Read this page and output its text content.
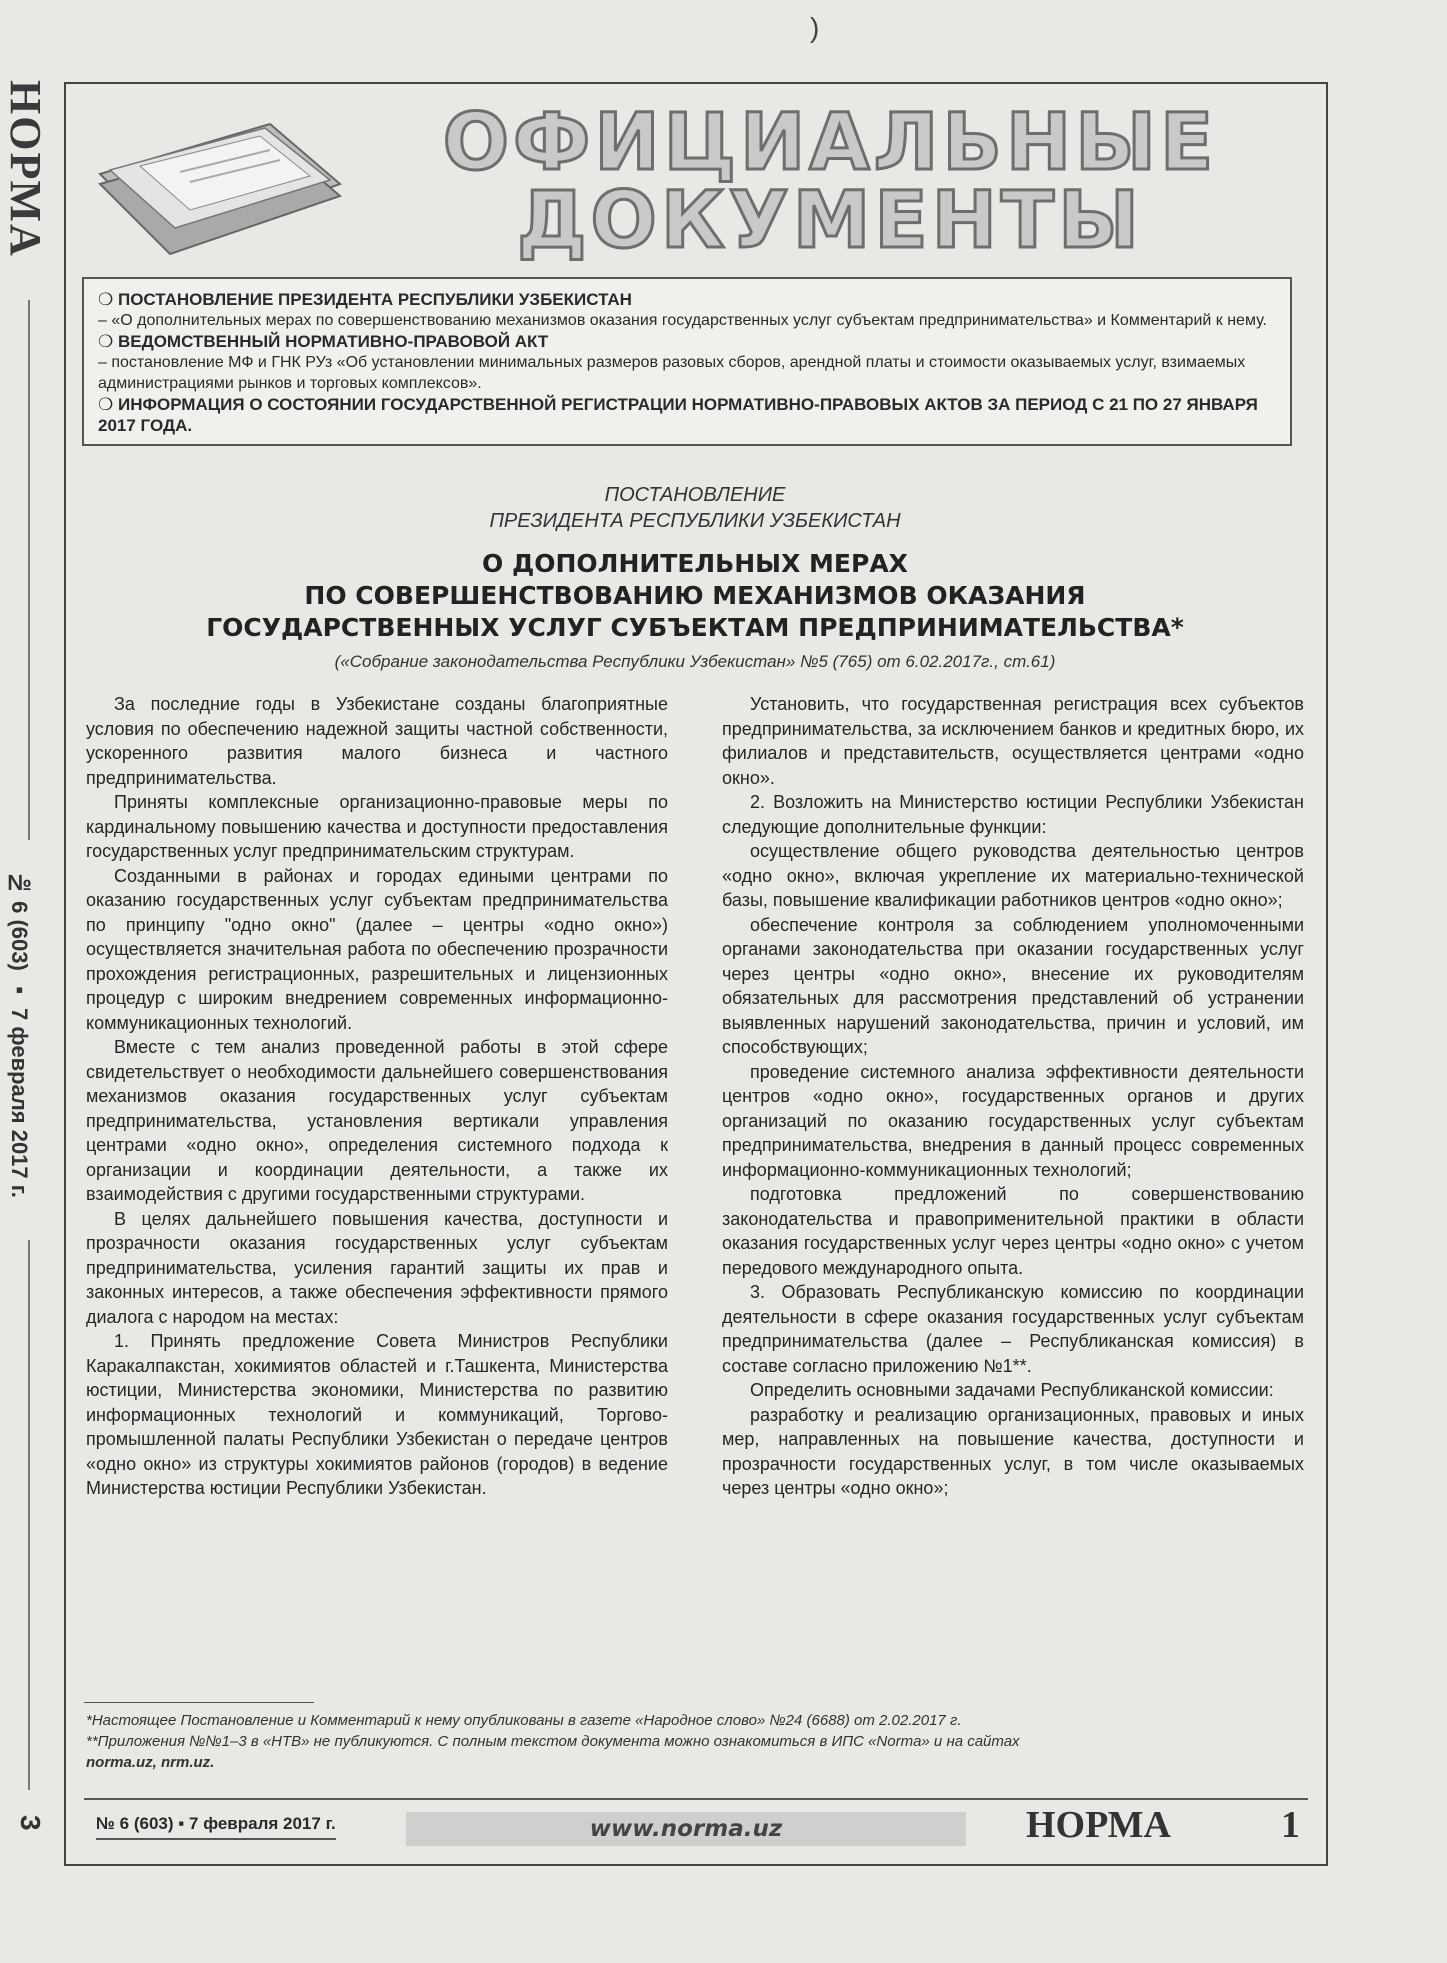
НОРМА
№ 6 (603) ▪ 7 февраля 2017 г.
3
)
ОФИЦИАЛЬНЫЕ
ДОКУМЕНТЫ
❍ ПОСТАНОВЛЕНИЕ ПРЕЗИДЕНТА РЕСПУБЛИКИ УЗБЕКИСТАН
– «О дополнительных мерах по совершенствованию механизмов оказания государственных услуг субъектам предпринимательства» и Комментарий к нему.
❍ ВЕДОМСТВЕННЫЙ НОРМАТИВНО-ПРАВОВОЙ АКТ
– постановление МФ и ГНК РУз «Об установлении минимальных размеров разовых сборов, арендной платы и стоимости оказываемых услуг, взимаемых администрациями рынков и торговых комплексов».
❍ ИНФОРМАЦИЯ О СОСТОЯНИИ ГОСУДАРСТВЕННОЙ РЕГИСТРАЦИИ НОРМАТИВНО-ПРАВОВЫХ АКТОВ ЗА ПЕРИОД С 21 ПО 27 ЯНВАРЯ 2017 ГОДА.
ПОСТАНОВЛЕНИЕ
ПРЕЗИДЕНТА РЕСПУБЛИКИ УЗБЕКИСТАН
О ДОПОЛНИТЕЛЬНЫХ МЕРАХ
ПО СОВЕРШЕНСТВОВАНИЮ МЕХАНИЗМОВ ОКАЗАНИЯ
ГОСУДАРСТВЕННЫХ УСЛУГ СУБЪЕКТАМ ПРЕДПРИНИМАТЕЛЬСТВА*
(«Собрание законодательства Республики Узбекистан» №5 (765) от 6.02.2017г., ст.61)

За последние годы в Узбекистане созданы благоприятные условия по обеспечению надежной защиты частной собственности, ускоренного развития малого бизнеса и частного предпринимательства.

Приняты комплексные организационно-правовые меры по кардинальному повышению качества и доступности предоставления государственных услуг предпринимательским структурам.

Созданными в районах и городах едиными центрами по оказанию государственных услуг субъектам предпринимательства по принципу "одно окно" (далее – центры «одно окно») осуществляется значительная работа по обеспечению прозрачности прохождения регистрационных, разрешительных и лицензионных процедур с широким внедрением современных информационно-коммуникационных технологий.

Вместе с тем анализ проведенной работы в этой сфере свидетельствует о необходимости дальнейшего совершенствования механизмов оказания государственных услуг субъектам предпринимательства, установления вертикали управления центрами «одно окно», определения системного подхода к организации и координации деятельности, а также их взаимодействия с другими государственными структурами.

В целях дальнейшего повышения качества, доступности и прозрачности оказания государственных услуг субъектам предпринимательства, усиления гарантий защиты их прав и законных интересов, а также обеспечения эффективности прямого диалога с народом на местах:

1. Принять предложение Совета Министров Республики Каракалпакстан, хокимиятов областей и г.Ташкента, Министерства юстиции, Министерства экономики, Министерства по развитию информационных технологий и коммуникаций, Торгово-промышленной палаты Республики Узбекистан о передаче центров «одно окно» из структуры хокимиятов районов (городов) в ведение Министерства юстиции Республики Узбекистан.

Установить, что государственная регистрация всех субъектов предпринимательства, за исключением банков и кредитных бюро, их филиалов и представительств, осуществляется центрами «одно окно».

2. Возложить на Министерство юстиции Республики Узбекистан следующие дополнительные функции:

осуществление общего руководства деятельностью центров «одно окно», включая укрепление их материально-технической базы, повышение квалификации работников центров «одно окно»;

обеспечение контроля за соблюдением уполномоченными органами законодательства при оказании государственных услуг через центры «одно окно», внесение их руководителям обязательных для рассмотрения представлений об устранении выявленных нарушений законодательства, причин и условий, им способствующих;

проведение системного анализа эффективности деятельности центров «одно окно», государственных органов и других организаций по оказанию государственных услуг субъектам предпринимательства, внедрения в данный процесс современных информационно-коммуникационных технологий;

подготовка предложений по совершенствованию законодательства и правоприменительной практики в области оказания государственных услуг через центры «одно окно» с учетом передового международного опыта.

3. Образовать Республиканскую комиссию по координации деятельности в сфере оказания государственных услуг субъектам предпринимательства (далее – Республиканская комиссия) в составе согласно приложению №1**.

Определить основными задачами Республиканской комиссии:

разработку и реализацию организационных, правовых и иных мер, направленных на повышение качества, доступности и прозрачности государственных услуг, в том числе оказываемых через центры «одно окно»;

*Настоящее Постановление и Комментарий к нему опубликованы в газете «Народное слово» №24 (6688) от 2.02.2017 г.

**Приложения №№1–3 в «НТВ» не публикуются. С полным текстом документа можно ознакомиться в ИПС «Norma» и на сайтах

norma.uz, nrm.uz.

№ 6 (603) ▪ 7 февраля 2017 г.	www.norma.uz	НОРМА	1
